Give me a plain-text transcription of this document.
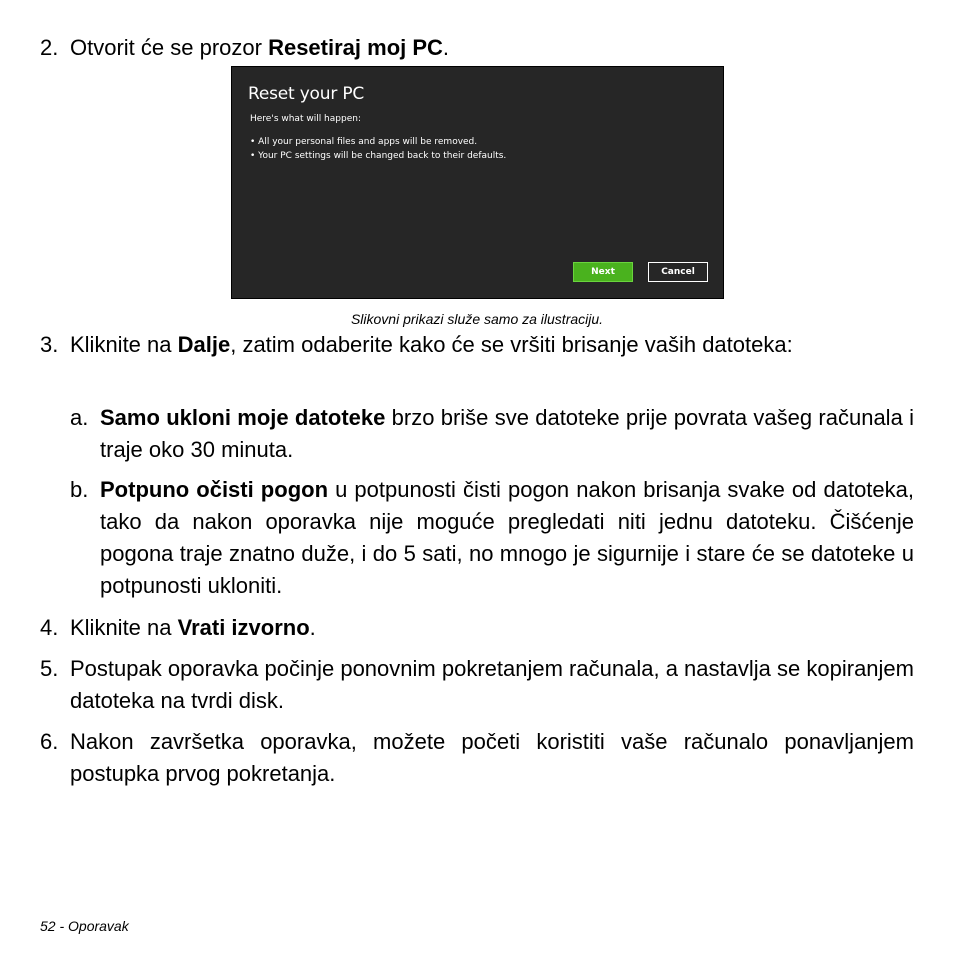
2. Otvorit će se prozor Resetiraj moj PC.
Reset your PC
Here's what will happen:
• All your personal files and apps will be removed.
• Your PC settings will be changed back to their defaults.
Next	Cancel
Slikovni prikazi služe samo za ilustraciju.
3. Kliknite na Dalje, zatim odaberite kako će se vršiti brisanje vaših datoteka:
a. Samo ukloni moje datoteke brzo briše sve datoteke prije povrata vašeg računala i traje oko 30 minuta.
b. Potpuno očisti pogon u potpunosti čisti pogon nakon brisanja svake od datoteka, tako da nakon oporavka nije moguće pregledati niti jednu datoteku. Čišćenje pogona traje znatno duže, i do 5 sati, no mnogo je sigurnije i stare će se datoteke u potpunosti ukloniti.
4. Kliknite na Vrati izvorno.
5. Postupak oporavka počinje ponovnim pokretanjem računala, a nastavlja se kopiranjem datoteka na tvrdi disk.
6. Nakon završetka oporavka, možete početi koristiti vaše računalo ponavljanjem postupka prvog pokretanja.
52 - Oporavak
